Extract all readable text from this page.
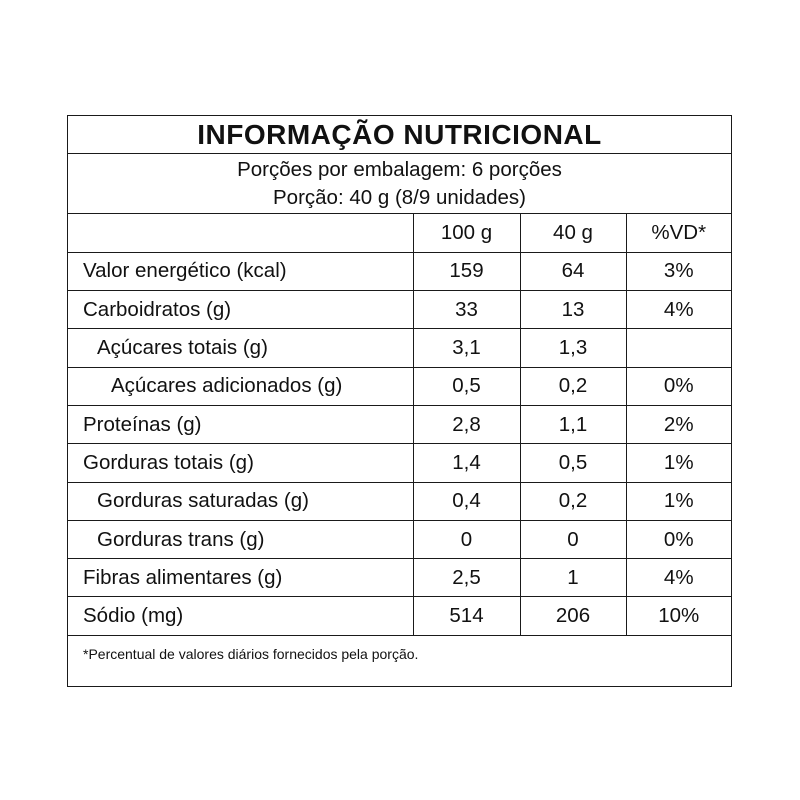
INFORMAÇÃO NUTRICIONAL
Porções por embalagem: 6 porções
Porção: 40 g (8/9 unidades)
	100 g	40 g	%VD*
Valor energético (kcal)	159	64	3%
Carboidratos (g)	33	13	4%
Açúcares totais (g)	3,1	1,3	
Açúcares adicionados (g)	0,5	0,2	0%
Proteínas (g)	2,8	1,1	2%
Gorduras totais (g)	1,4	0,5	1%
Gorduras saturadas (g)	0,4	0,2	1%
Gorduras trans (g)	0	0	0%
Fibras alimentares (g)	2,5	1	4%
Sódio (mg)	514	206	10%
*Percentual de valores diários fornecidos pela porção.
